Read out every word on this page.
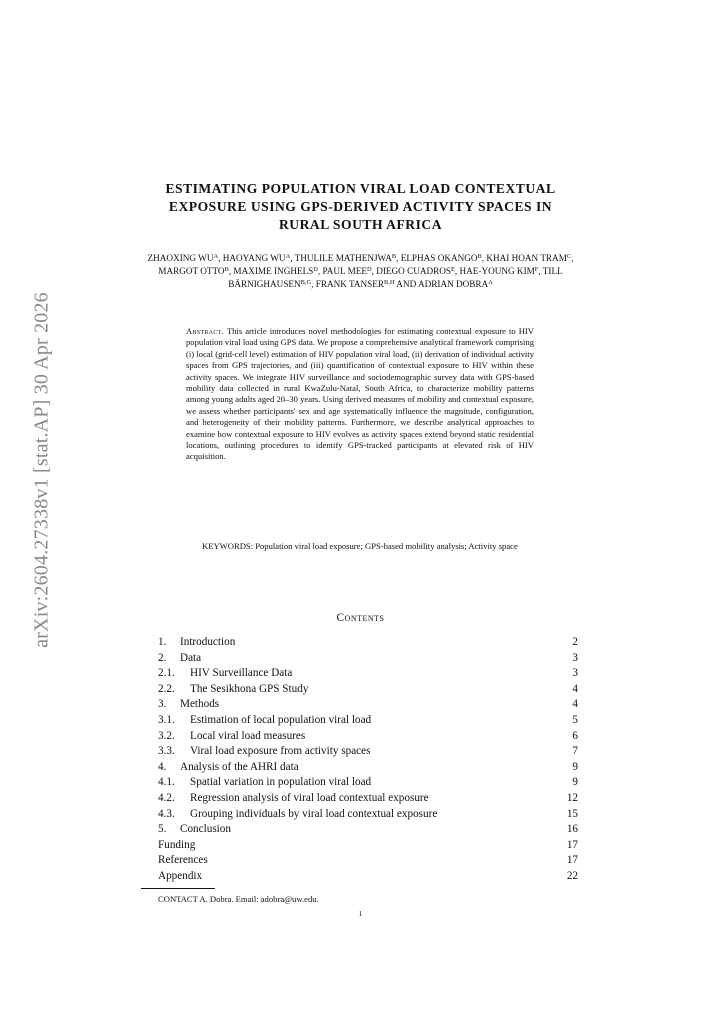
arXiv:2604.27338v1 [stat.AP] 30 Apr 2026
ESTIMATING POPULATION VIRAL LOAD CONTEXTUAL
EXPOSURE USING GPS-DERIVED ACTIVITY SPACES IN
RURAL SOUTH AFRICA
ZHAOXING $WU^A$, HAOYANG $WU^A$, THULILE $MATHENJWA^B$, ELPHAS $OKANGO^B$, KHAI HOAN $TRAM^C$, MARGOT $OTTO^B$, MAXIME $INGHELS^D$, PAUL $MEE^D$, DIEGO $CUADROS^E$, HAE-YOUNG $KIM^F$, TILL $BÄRNIGHAUSEN^{B,G}$, FRANK $TANSER^{B,H}$ AND ADRIAN $DOBRA^A$
Abstract. This article introduces novel methodologies for estimating contextual exposure to HIV population viral load using GPS data. We propose a comprehensive analytical framework comprising (i) local (grid-cell level) estimation of HIV population viral load, (ii) derivation of individual activity spaces from GPS trajectories, and (iii) quantification of contextual exposure to HIV within these activity spaces. We integrate HIV surveillance and sociodemographic survey data with GPS-based mobility data collected in rural KwaZulu-Natal, South Africa, to characterize mobility patterns among young adults aged 20–30 years. Using derived measures of mobility and contextual exposure, we assess whether participants' sex and age systematically influence the magnitude, configuration, and heterogeneity of their mobility patterns. Furthermore, we describe analytical approaches to examine how contextual exposure to HIV evolves as activity spaces extend beyond static residential locations, outlining procedures to identify GPS-tracked participants at elevated risk of HIV acquisition.
KEYWORDS: Population viral load exposure; GPS-based mobility analysis; Activity space
Contents
1. Introduction	2
2. Data	3
2.1. HIV Surveillance Data	3
2.2. The Sesikhona GPS Study	4
3. Methods	4
3.1. Estimation of local population viral load	5
3.2. Local viral load measures	6
3.3. Viral load exposure from activity spaces	7
4. Analysis of the AHRI data	9
4.1. Spatial variation in population viral load	9
4.2. Regression analysis of viral load contextual exposure	12
4.3. Grouping individuals by viral load contextual exposure	15
5. Conclusion	16
Funding	17
References	17
Appendix	22
CONTACT A. Dobra. Email: adobra@uw.edu.
1
